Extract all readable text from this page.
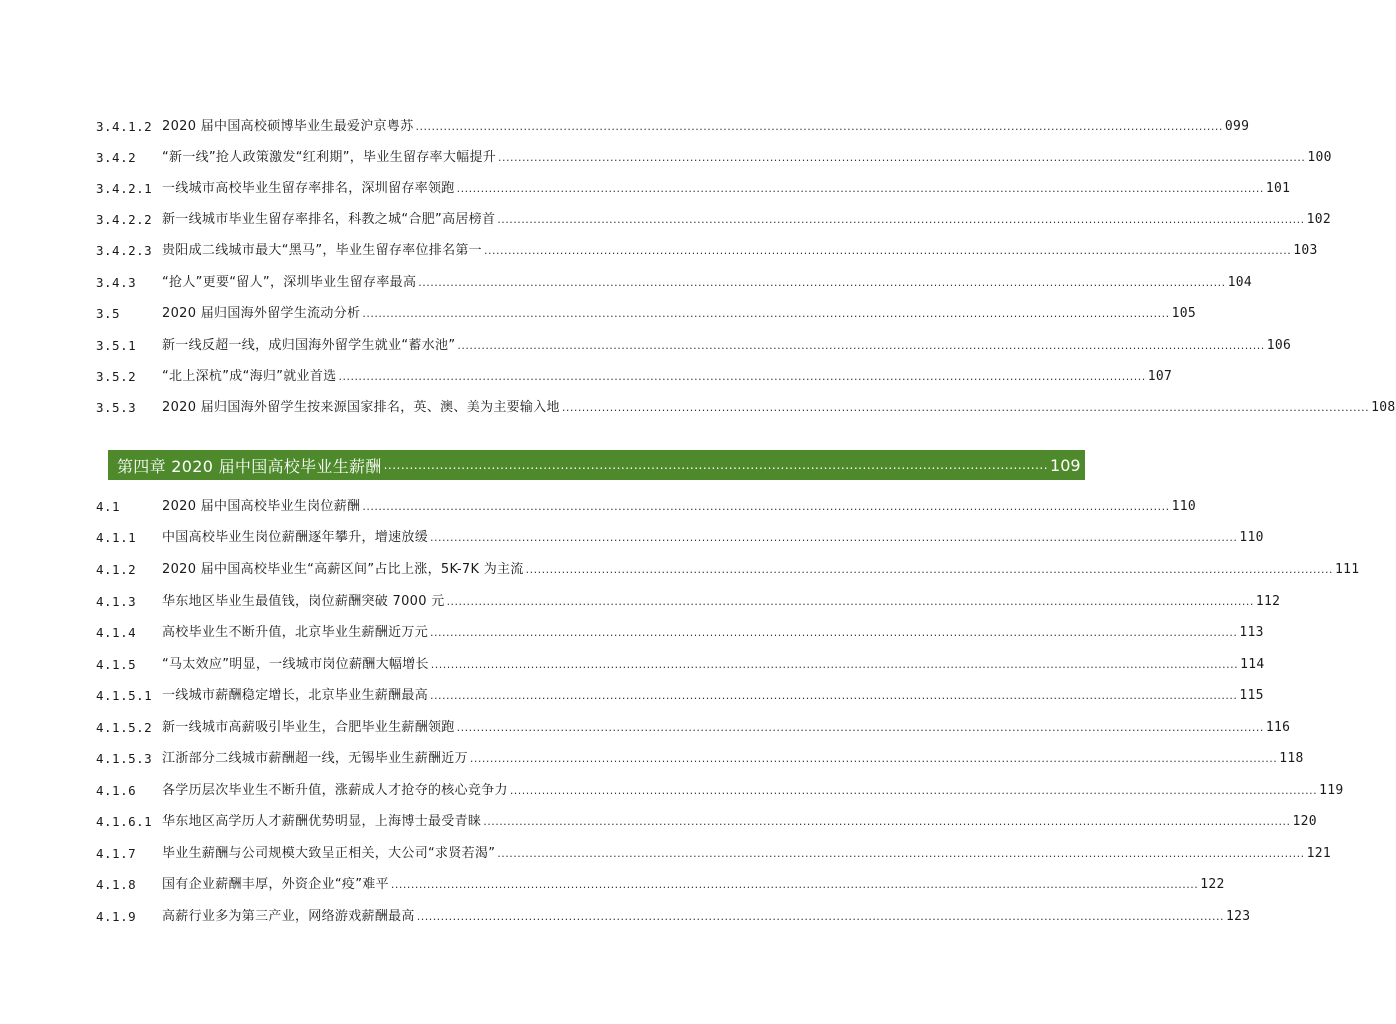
3.4.1.2 2020 届中国高校硕博毕业生最爱沪京粤苏 .....	099
3.4.2	“新一线”抢人政策激发“红利期”，毕业生留存率大幅提升 .....	100
3.4.2.1 一线城市高校毕业生留存率排名，深圳留存率领跑 .....	101
3.4.2.2 新一线城市毕业生留存率排名，科教之城“合肥”高居榜首 .....	102
3.4.2.3 贵阳成二线城市最大“黑马”，毕业生留存率位排名第一 .....	103
3.4.3	“抢人”更要“留人”，深圳毕业生留存率最高 .....	104
3.5	2020 届归国海外留学生流动分析 .....	105
3.5.1	新一线反超一线，成归国海外留学生就业“蓄水池” .....	106
3.5.2	“北上深杭”成“海归”就业首选 .....	107
3.5.3	2020 届归国海外留学生按来源国家排名，英、澳、美为主要输入地 .....	108
第四章 2020 届中国高校毕业生薪酬 .....	109
4.1	2020 届中国高校毕业生岗位薪酬 .....	110
4.1.1	中国高校毕业生岗位薪酬逐年攀升，增速放缓 .....	110
4.1.2	2020 届中国高校毕业生“高薪区间”占比上涨，5K-7K 为主流 .....	111
4.1.3	华东地区毕业生最值钱，岗位薪酬突破 7000 元 .....	112
4.1.4	高校毕业生不断升值，北京毕业生薪酬近万元 .....	113
4.1.5	“马太效应”明显，一线城市岗位薪酬大幅增长 .....	114
4.1.5.1 一线城市薪酬稳定增长，北京毕业生薪酬最高 .....	115
4.1.5.2 新一线城市高薪吸引毕业生，合肥毕业生薪酬领跑 .....	116
4.1.5.3 江浙部分二线城市薪酬超一线，无锡毕业生薪酬近万 .....	118
4.1.6	各学历层次毕业生不断升值，涨薪成人才抢夺的核心竞争力 .....	119
4.1.6.1 华东地区高学历人才薪酬优势明显，上海博士最受青睐 .....	120
4.1.7	毕业生薪酬与公司规模大致呈正相关，大公司“求贤若渴” .....	121
4.1.8	国有企业薪酬丰厚，外资企业“疫”难平 .....	122
4.1.9	高薪行业多为第三产业，网络游戏薪酬最高 .....	123
